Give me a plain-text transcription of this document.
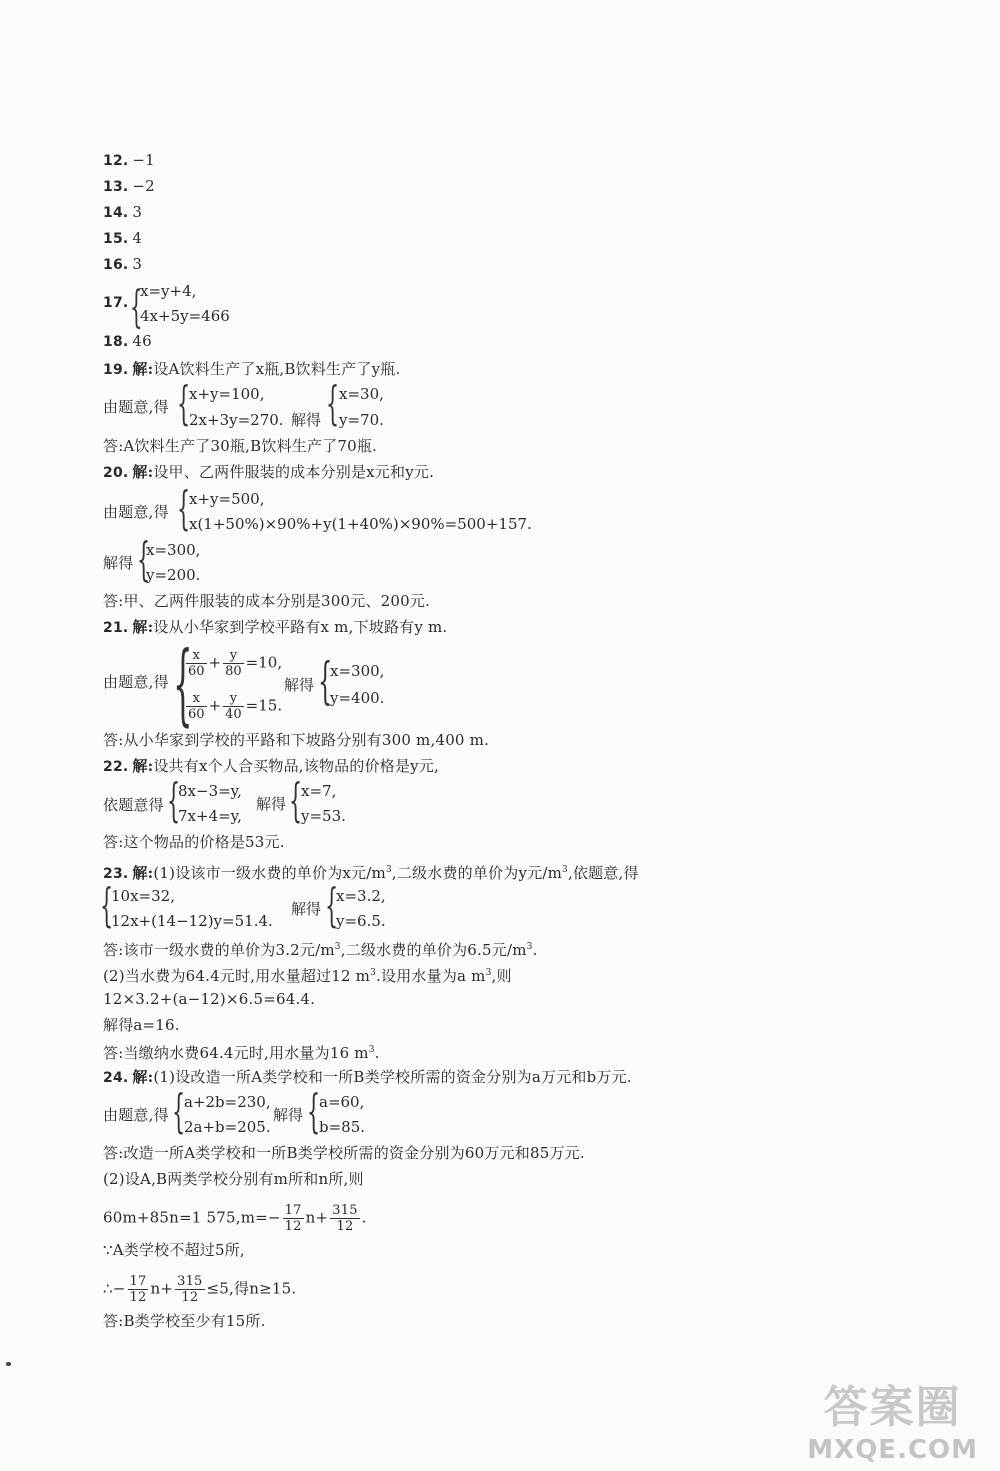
12. −1
13. −2
14. 3
15. 4
16. 3
17. {
x=y+4,
4x+5y=466
18. 46
19. 解:设A饮料生产了x瓶,B饮料生产了y瓶.
由题意,得 {
x+y=100,
2x+3y=270. 解得 { x=30,
y=70.
答:A饮料生产了30瓶,B饮料生产了70瓶.
20. 解:设甲、乙两件服装的成本分别是x元和y元.
由题意,得 {
x+y=500,
x(1+50%)×90%+y(1+40%)×90%=500+157.
解得 {
x=300,
y=200.
答:甲、乙两件服装的成本分别是300元、200元.
21. 解:设从小华家到学校平路有x m,下坡路有y m.
由题意,得 {
$\frac{x}{60} + \frac{y}{80} =10$,
$\frac{x}{60} + \frac{y}{40} =15$.
解得 {
x=300,
y=400.
答:从小华家到学校的平路和下坡路分别有300 m,400 m.
22. 解:设共有x个人合买物品,该物品的价格是y元,
依题意得 {
8x−3=y,
7x+4=y,
解得 {
x=7,
y=53.
答:这个物品的价格是53元.
23. 解:(1)设该市一级水费的单价为x元$/m^3$,二级水费的单价为y元$/m^3$,依题意,得
{
10x=32,
12x+(14−12)y=51.4.
解得 {
x=3.2,
y=6.5.
答:该市一级水费的单价为3.2元$/m^3$,二级水费的单价为6.5元$/m^3$.
(2)当水费为64.4元时,用水量超过12 $m^3$.设用水量为a $m^3$,则
12×3.2+(a−12)×6.5=64.4.
解得a=16.
答:当缴纳水费64.4元时,用水量为16 $m^3$.
24. 解:(1)设改造一所A类学校和一所B类学校所需的资金分别为a万元和b万元.
由题意,得 {
a+2b=230,
2a+b=205.
解得 {
a=60,
b=85.
答:改造一所A类学校和一所B类学校所需的资金分别为60万元和85万元.
(2)设A,B两类学校分别有m所和n所,则
60m+85n=1 $575,m=- \frac{17}{12} n+ \frac{315}{12}$ .
∵A类学校不超过5所,
∴− $\frac{17}{12} n+ \frac{315}{12} \le 5$,得n≥15.
答:B类学校至少有15所.
答案圈
MXQE.COM
